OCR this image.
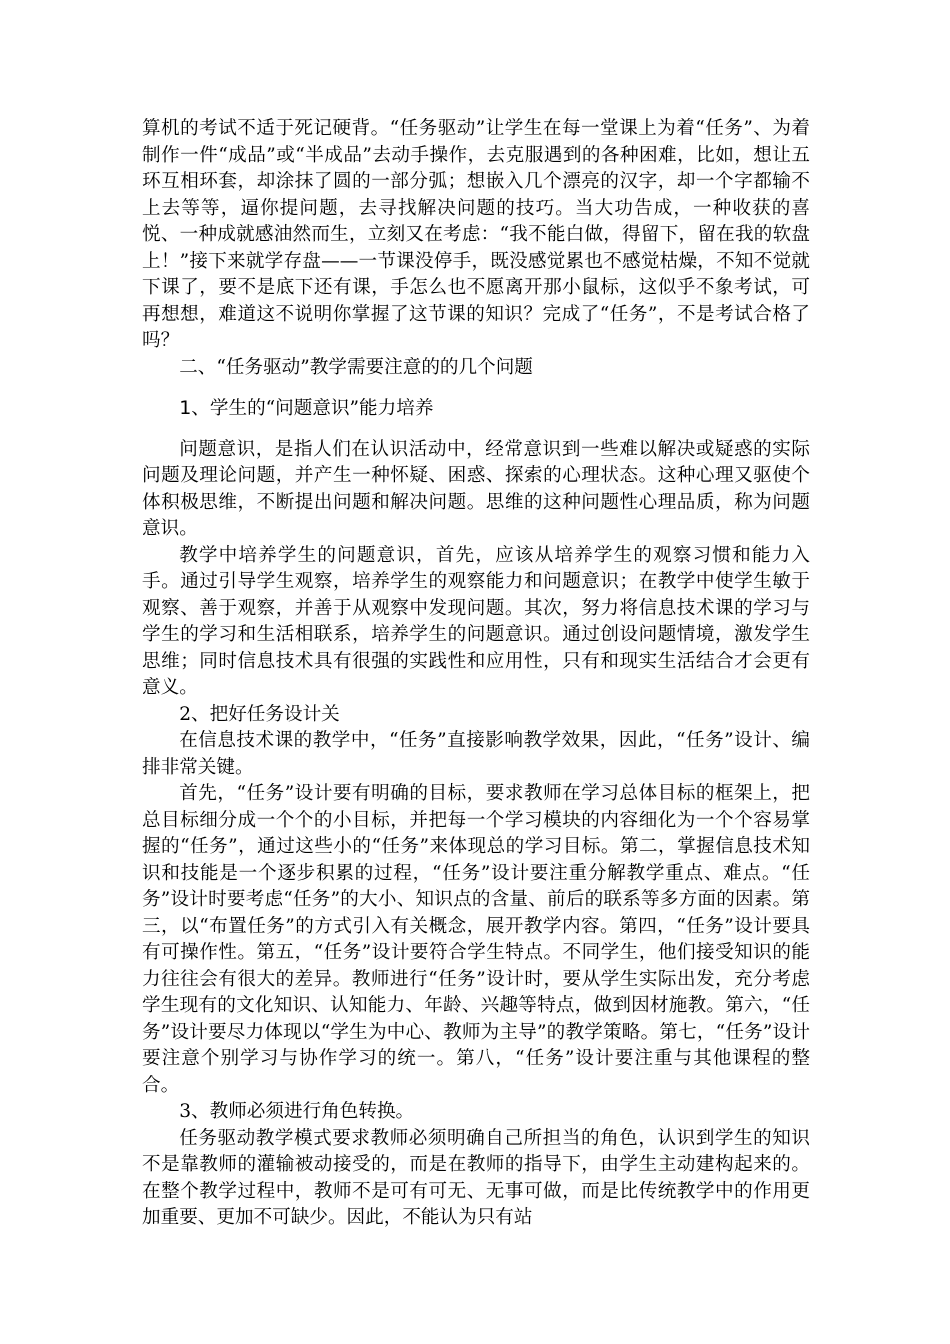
算机的考试不适于死记硬背。“任务驱动”让学生在每一堂课上为着“任务”、为着制作一件“成品”或“半成品”去动手操作，去克服遇到的各种困难，比如，想让五环互相环套，却涂抹了圆的一部分弧；想嵌入几个漂亮的汉字，却一个字都输不上去等等，逼你提问题，去寻找解决问题的技巧。当大功告成，一种收获的喜悦、一种成就感油然而生，立刻又在考虑：“我不能白做，得留下，留在我的软盘上！”接下来就学存盘——一节课没停手，既没感觉累也不感觉枯燥，不知不觉就下课了，要不是底下还有课，手怎么也不愿离开那小鼠标，这似乎不象考试，可再想想，难道这不说明你掌握了这节课的知识？完成了“任务”，不是考试合格了吗？

二、“任务驱动”教学需要注意的的几个问题

1、学生的“问题意识”能力培养

问题意识，是指人们在认识活动中，经常意识到一些难以解决或疑惑的实际问题及理论问题，并产生一种怀疑、困惑、探索的心理状态。这种心理又驱使个体积极思维，不断提出问题和解决问题。思维的这种问题性心理品质，称为问题意识。

教学中培养学生的问题意识，首先，应该从培养学生的观察习惯和能力入手。通过引导学生观察，培养学生的观察能力和问题意识；在教学中使学生敏于观察、善于观察，并善于从观察中发现问题。其次，努力将信息技术课的学习与学生的学习和生活相联系，培养学生的问题意识。通过创设问题情境，激发学生思维；同时信息技术具有很强的实践性和应用性，只有和现实生活结合才会更有意义。

2、把好任务设计关

在信息技术课的教学中，“任务”直接影响教学效果，因此，“任务”设计、编排非常关键。

首先，“任务”设计要有明确的目标，要求教师在学习总体目标的框架上，把总目标细分成一个个的小目标，并把每一个学习模块的内容细化为一个个容易掌握的“任务”，通过这些小的“任务”来体现总的学习目标。第二，掌握信息技术知识和技能是一个逐步积累的过程，“任务”设计要注重分解教学重点、难点。“任务”设计时要考虑“任务”的大小、知识点的含量、前后的联系等多方面的因素。第三，以“布置任务”的方式引入有关概念，展开教学内容。第四，“任务”设计要具有可操作性。第五，“任务”设计要符合学生特点。不同学生，他们接受知识的能力往往会有很大的差异。教师进行“任务”设计时，要从学生实际出发，充分考虑学生现有的文化知识、认知能力、年龄、兴趣等特点，做到因材施教。第六，“任务”设计要尽力体现以“学生为中心、教师为主导”的教学策略。第七，“任务”设计要注意个别学习与协作学习的统一。第八，“任务”设计要注重与其他课程的整合。

3、教师必须进行角色转换。

任务驱动教学模式要求教师必须明确自己所担当的角色，认识到学生的知识不是靠教师的灌输被动接受的，而是在教师的指导下，由学生主动建构起来的。在整个教学过程中，教师不是可有可无、无事可做，而是比传统教学中的作用更加重要、更加不可缺少。因此，不能认为只有站
